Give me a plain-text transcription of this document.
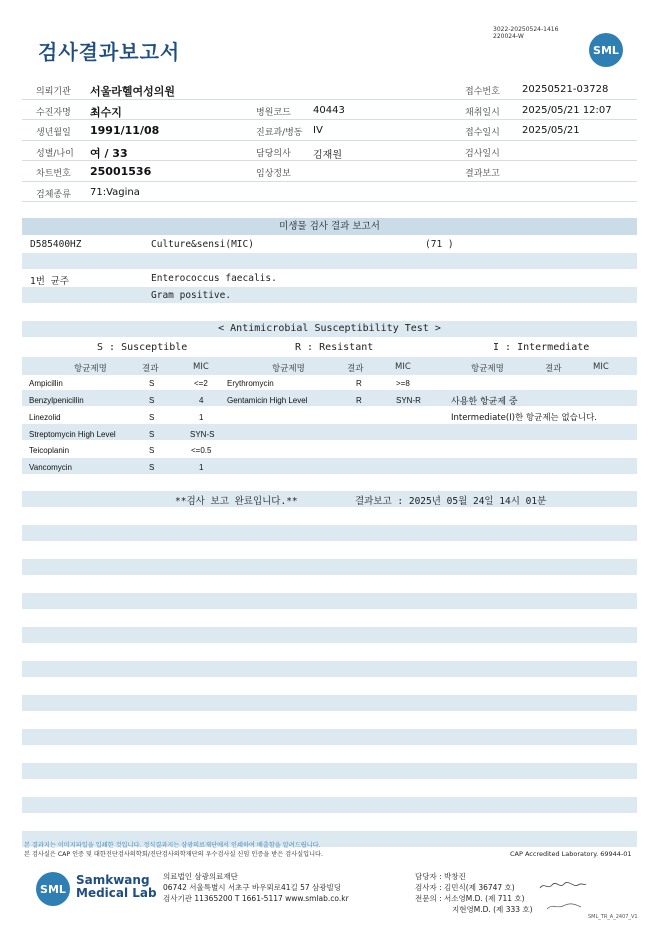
검사결과보고서
3022-20250524-1416
220024-W
SML
의뢰기관 서울라헬여성의원	접수번호 20250521-03728
수진자명 최수지	병원코드 40443	채취일시 2025/05/21 12:07
생년월일 1991/11/08	진료과/병동 IV	접수일시 2025/05/21
성별/나이 여 / 33	담당의사 김재원	검사일시
차트번호 25001536	임상정보	결과보고
검체종류 71:Vagina
미생물 검사 결과 보고서
D585400HZ	Culture&sensi(MIC)	(71 )
1번 균주	Enterococcus faecalis.
Gram positive.
< Antimicrobial Susceptibility Test >
S : Susceptible	R : Resistant	I : Intermediate
항균제명	결과	MIC	항균제명	결과	MIC	항균제명	결과	MIC
Ampicillin	S	<=2
Benzylpenicillin	S	4
Linezolid	S	1
Streptomycin High Level	S	SYN-S
Teicoplanin	S	<=0.5
Vancomycin	S	1
Erythromycin	R	>=8
Gentamicin High Level	R	SYN-R	사용한 항균제 중
Intermediate(I)한 항균제는 없습니다.
**검사 보고 완료입니다.**	결과보고 : 2025년 05월 24일 14시 01분
본 결과지는 이미지파일을 입쇄한 것입니다. 정식결과지는 삼광의료재단에서 인쇄하여 배출함을 알려드립니다.
본 검사실은 CAP 인증 및 대한진단검사의학회/진단검사의학재단의 우수검사실 신임 인증을 받은 검사실입니다.	CAP Accredited Laboratory. 69944-01
SML
Samkwang
Medical Lab
의료법인 삼광의료재단
06742 서울특별시 서초구 바우뫼로41길 57 삼광빌딩
검사기관 11365200 T 1661-5117 www.smlab.co.kr
담당자 : 박창진
검사자 : 김민식(제 36747 호)
전문의 : 서소영M.D. (제 711 호)
지현영M.D. (제 333 호)
SML_TR_A_2407_V1
